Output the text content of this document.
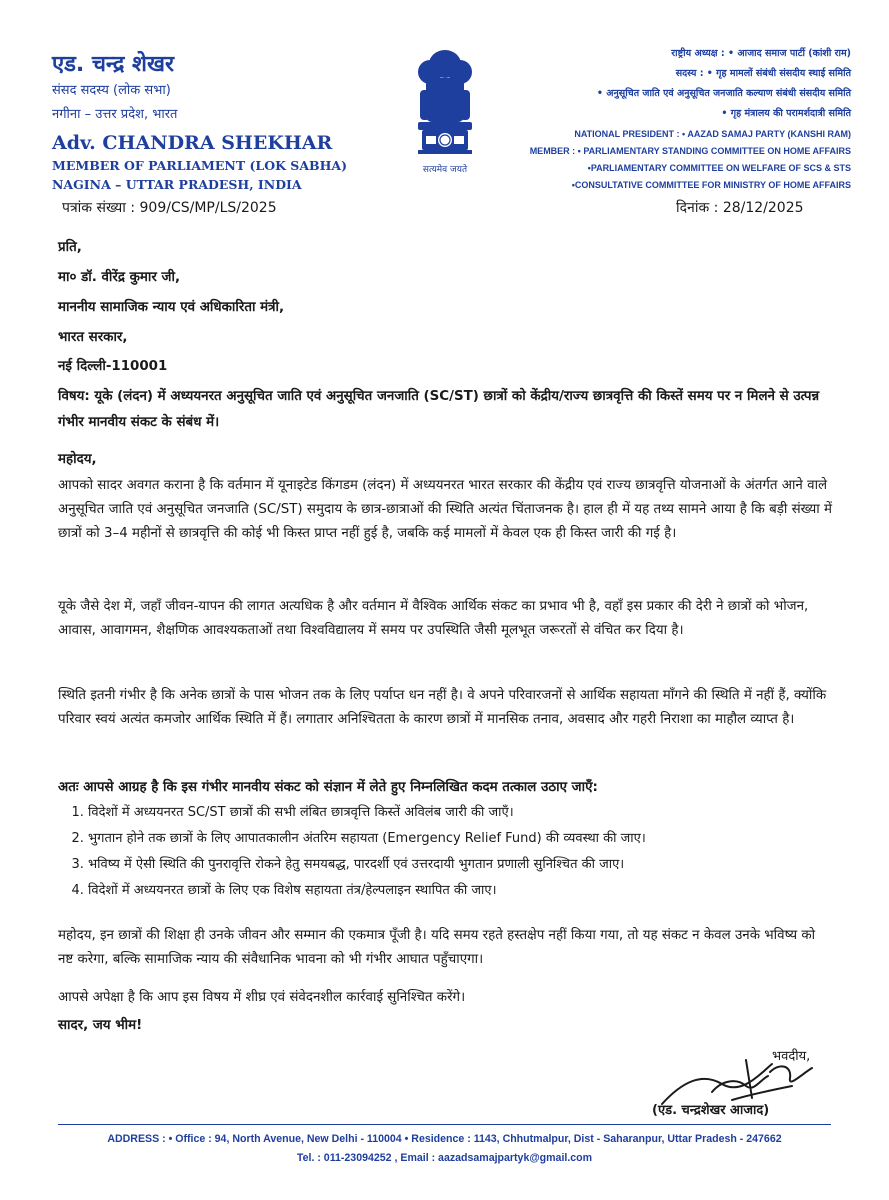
एड. चन्द्र शेखर
संसद सदस्य (लोक सभा)
नगीना – उत्तर प्रदेश, भारत
Adv. CHANDRA SHEKHAR
MEMBER OF PARLIAMENT (LOK SABHA)
NAGINA – UTTAR PRADESH, INDIA
पत्रांक संख्या : 909/CS/MP/LS/2025	दिनांक : 28/12/2025
सत्यमेव जयते
राष्ट्रीय अध्यक्ष : • आजाद समाज पार्टी (कांशी राम)
सदस्य : • गृह मामलों संबंधी संसदीय स्थाई समिति
• अनुसूचित जाति एवं अनुसूचित जनजाति कल्याण संबंधी संसदीय समिति
• गृह मंत्रालय की परामर्शदात्री समिति
NATIONAL PRESIDENT : • AAZAD SAMAJ PARTY (KANSHI RAM)
MEMBER : • PARLIAMENTARY STANDING COMMITTEE ON HOME AFFAIRS
•PARLIAMENTARY COMMITTEE ON WELFARE OF SCS & STS
•CONSULTATIVE COMMITTEE FOR MINISTRY OF HOME AFFAIRS
प्रति,
मा० डॉ. वीरेंद्र कुमार जी,
माननीय सामाजिक न्याय एवं अधिकारिता मंत्री,
भारत सरकार,
नई दिल्ली-110001
विषय: यूके (लंदन) में अध्ययनरत अनुसूचित जाति एवं अनुसूचित जनजाति (SC/ST) छात्रों को केंद्रीय/राज्य छात्रवृत्ति की किस्तें समय पर न मिलने से उत्पन्न गंभीर मानवीय संकट के संबंध में।
महोदय,
आपको सादर अवगत कराना है कि वर्तमान में यूनाइटेड किंगडम (लंदन) में अध्ययनरत भारत सरकार की केंद्रीय एवं राज्य छात्रवृत्ति योजनाओं के अंतर्गत आने वाले अनुसूचित जाति एवं अनुसूचित जनजाति (SC/ST) समुदाय के छात्र-छात्राओं की स्थिति अत्यंत चिंताजनक है। हाल ही में यह तथ्य सामने आया है कि बड़ी संख्या में छात्रों को 3–4 महीनों से छात्रवृत्ति की कोई भी किस्त प्राप्त नहीं हुई है, जबकि कई मामलों में केवल एक ही किस्त जारी की गई है।
यूके जैसे देश में, जहाँ जीवन-यापन की लागत अत्यधिक है और वर्तमान में वैश्विक आर्थिक संकट का प्रभाव भी है, वहाँ इस प्रकार की देरी ने छात्रों को भोजन, आवास, आवागमन, शैक्षणिक आवश्यकताओं तथा विश्वविद्यालय में समय पर उपस्थिति जैसी मूलभूत जरूरतों से वंचित कर दिया है।
स्थिति इतनी गंभीर है कि अनेक छात्रों के पास भोजन तक के लिए पर्याप्त धन नहीं है। वे अपने परिवारजनों से आर्थिक सहायता माँगने की स्थिति में नहीं हैं, क्योंकि परिवार स्वयं अत्यंत कमजोर आर्थिक स्थिति में हैं। लगातार अनिश्चितता के कारण छात्रों में मानसिक तनाव, अवसाद और गहरी निराशा का माहौल व्याप्त है।
अतः आपसे आग्रह है कि इस गंभीर मानवीय संकट को संज्ञान में लेते हुए निम्नलिखित कदम तत्काल उठाए जाएँ:
1. विदेशों में अध्ययनरत SC/ST छात्रों की सभी लंबित छात्रवृत्ति किस्तें अविलंब जारी की जाएँ।
2. भुगतान होने तक छात्रों के लिए आपातकालीन अंतरिम सहायता (Emergency Relief Fund) की व्यवस्था की जाए।
3. भविष्य में ऐसी स्थिति की पुनरावृत्ति रोकने हेतु समयबद्ध, पारदर्शी एवं उत्तरदायी भुगतान प्रणाली सुनिश्चित की जाए।
4. विदेशों में अध्ययनरत छात्रों के लिए एक विशेष सहायता तंत्र/हेल्पलाइन स्थापित की जाए।
महोदय, इन छात्रों की शिक्षा ही उनके जीवन और सम्मान की एकमात्र पूँजी है। यदि समय रहते हस्तक्षेप नहीं किया गया, तो यह संकट न केवल उनके भविष्य को नष्ट करेगा, बल्कि सामाजिक न्याय की संवैधानिक भावना को भी गंभीर आघात पहुँचाएगा।
आपसे अपेक्षा है कि आप इस विषय में शीघ्र एवं संवेदनशील कार्रवाई सुनिश्चित करेंगे।
सादर, जय भीम!
भवदीय,
(एड. चन्द्रशेखर आजाद)
ADDRESS : • Office : 94, North Avenue, New Delhi - 110004 • Residence : 1143, Chhutmalpur, Dist - Saharanpur, Uttar Pradesh - 247662
Tel. : 011-23094252 , Email : aazadsamajpartyk@gmail.com
